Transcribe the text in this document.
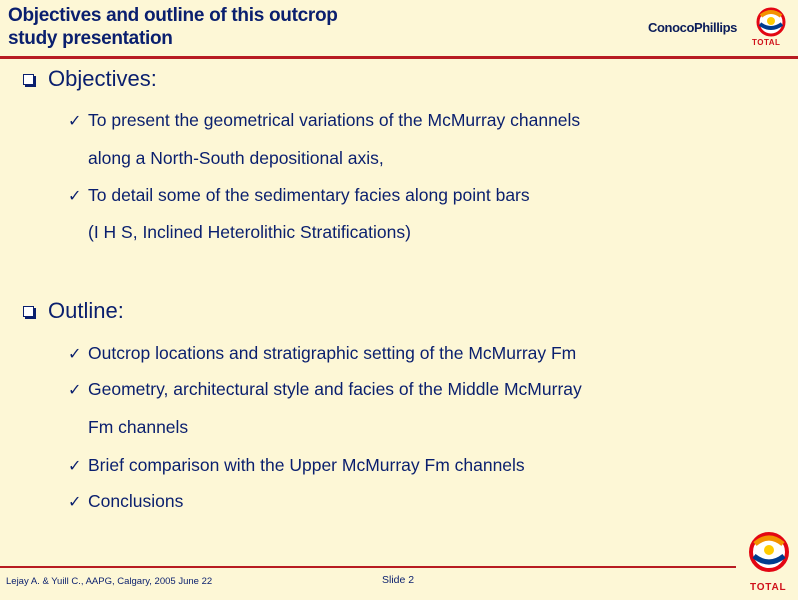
Objectives and outline of this outcrop
study presentation
ConocoPhillips
TOTAL
Objectives:
✓ To present the geometrical variations of the McMurray channels
along a North-South depositional axis,
✓ To detail some of the sedimentary facies along point bars
(I H S, Inclined Heterolithic Stratifications)
Outline:
✓ Outcrop locations and stratigraphic setting of the McMurray Fm
✓ Geometry, architectural style and facies of the Middle McMurray
Fm channels
✓ Brief comparison with the Upper McMurray Fm channels
✓ Conclusions
Lejay A. & Yuill C., AAPG, Calgary, 2005 June 22	Slide 2
TOTAL
